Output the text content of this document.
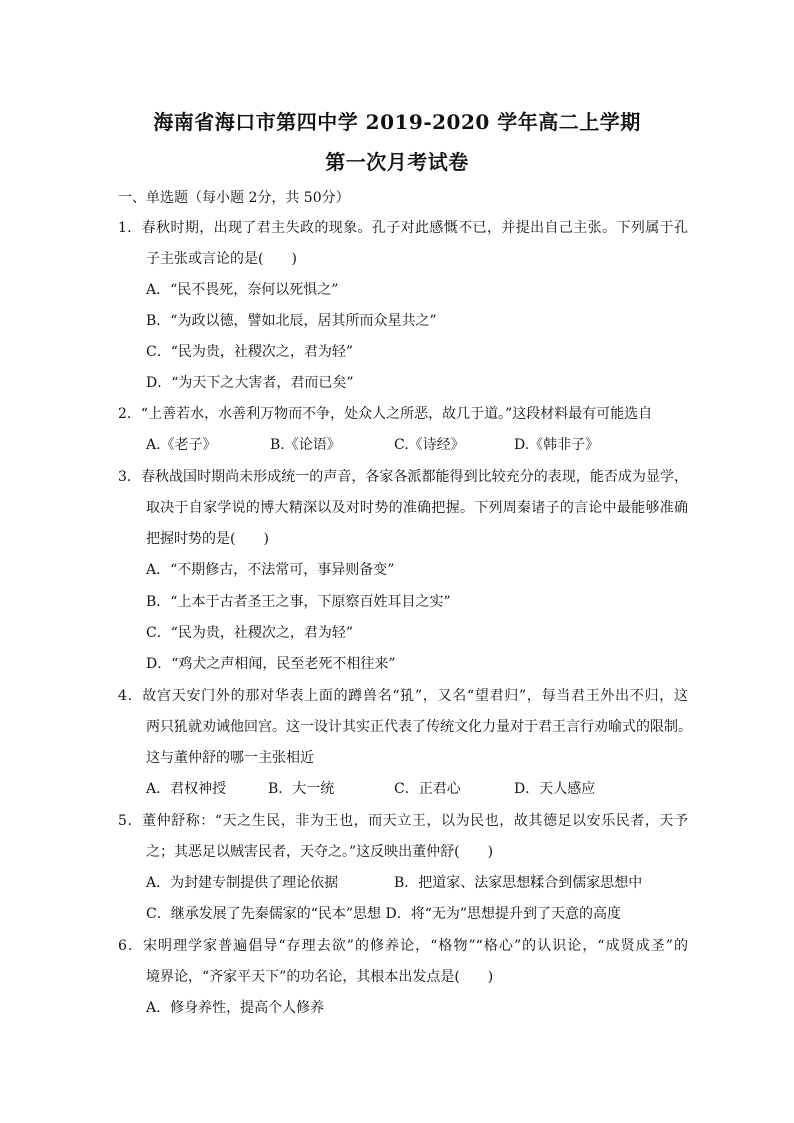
海南省海口市第四中学 2019-2020 学年高二上学期
第一次月考试卷
一、单选题（每小题 2分，共 50分）
1．春秋时期，出现了君主失政的现象。孔子对此感慨不已，并提出自己主张。下列属于孔
子主张或言论的是(　　)
A．“民不畏死，奈何以死惧之”
B．“为政以德，譬如北辰，居其所而众星共之”
C．“民为贵，社稷次之，君为轻”
D．“为天下之大害者，君而已矣”
2．“上善若水，水善利万物而不争，处众人之所恶，故几于道。”这段材料最有可能选自
A.《老子》	B.《论语》	C.《诗经》	D.《韩非子》
3．春秋战国时期尚未形成统一的声音，各家各派都能得到比较充分的表现，能否成为显学，
取决于自家学说的博大精深以及对时势的准确把握。下列周秦诸子的言论中最能够准确
把握时势的是(　　)
A．“不期修古，不法常可，事异则备变”
B．“上本于古者圣王之事，下原察百姓耳目之实”
C．“民为贵，社稷次之，君为轻”
D．“鸡犬之声相闻，民至老死不相往来”
4．故宫天安门外的那对华表上面的蹲兽名“犼”，又名“望君归”，每当君王外出不归，这
两只犼就劝诫他回宫。这一设计其实正代表了传统文化力量对于君王言行劝喻式的限制。
这与董仲舒的哪一主张相近
A．君权神授	B．大一统	C．正君心	D．天人感应
5．董仲舒称：“天之生民，非为王也，而天立王，以为民也，故其德足以安乐民者，天予
之；其恶足以贼害民者，天夺之。”这反映出董仲舒(　　)
A．为封建专制提供了理论依据	B．把道家、法家思想糅合到儒家思想中
C．继承发展了先秦儒家的“民本”思想 D．将“无为”思想提升到了天意的高度
6．宋明理学家普遍倡导“存理去欲”的修养论，“格物”“格心”的认识论，“成贤成圣”的
境界论，“齐家平天下”的功名论，其根本出发点是(　　)
A．修身养性，提高个人修养
